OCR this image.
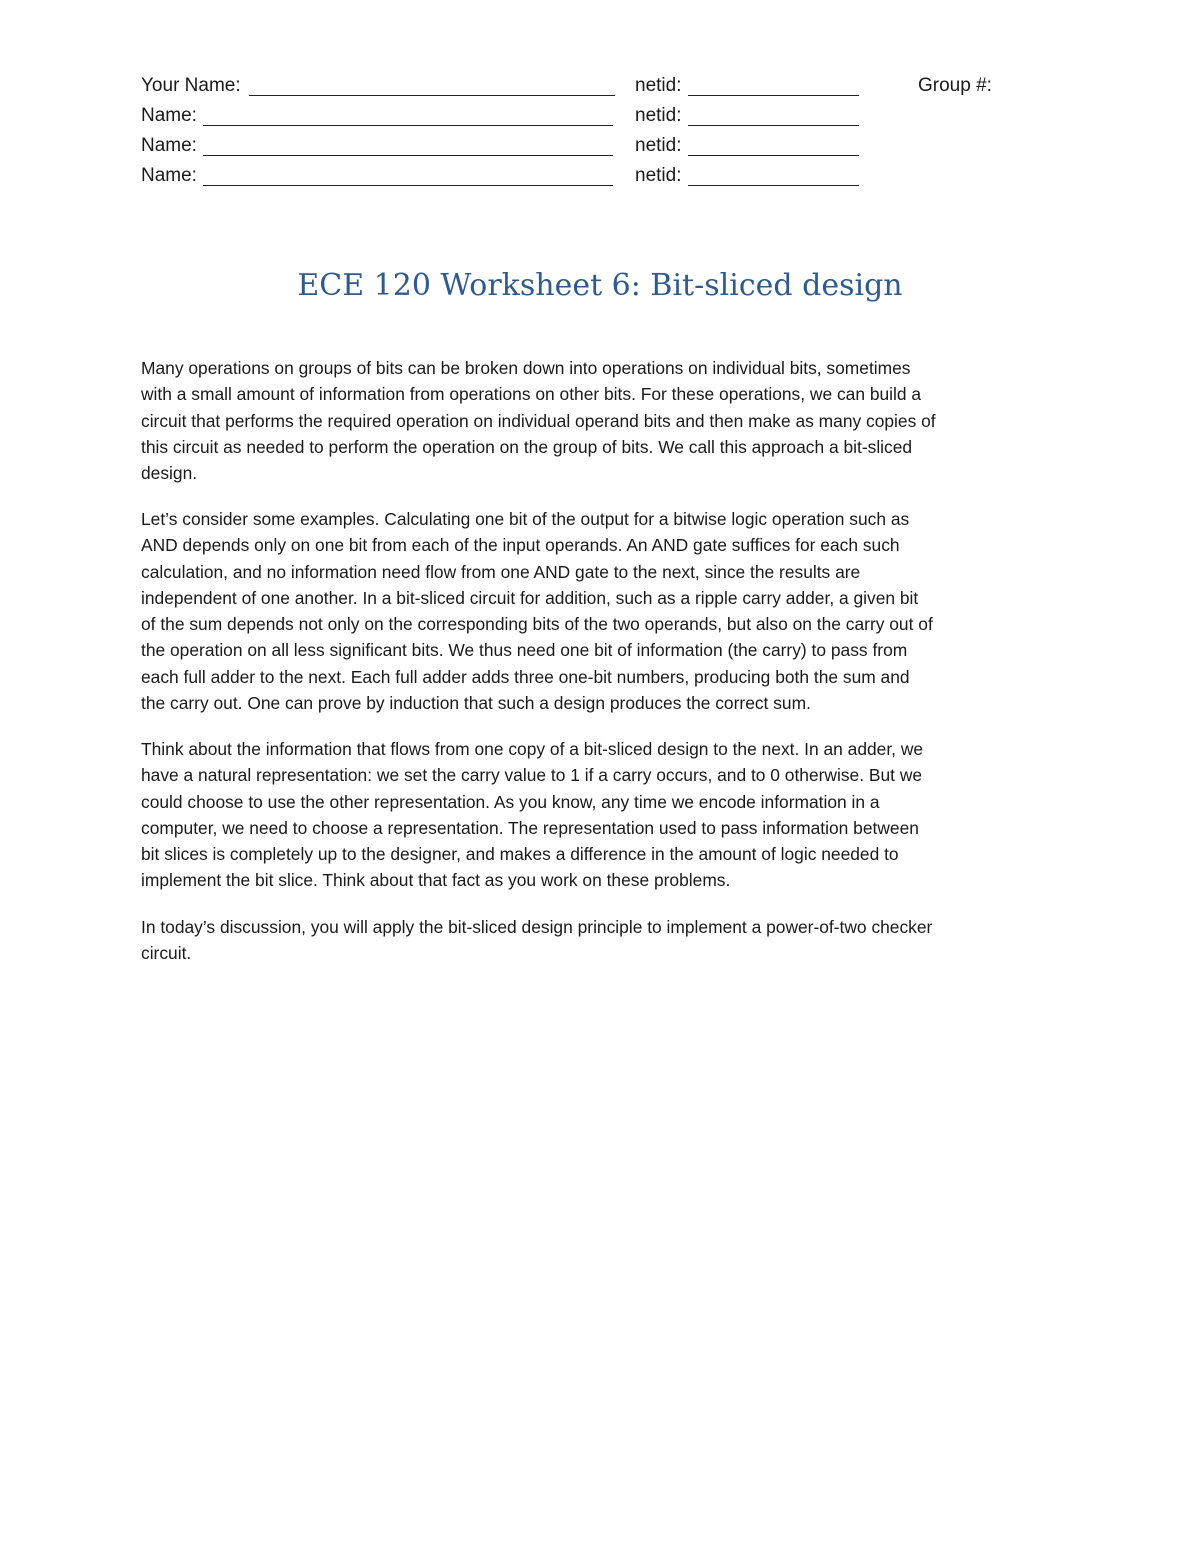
Your Name:	netid:	Group #:
Name:	netid:
Name:	netid:
Name:	netid:
ECE 120 Worksheet 6: Bit-sliced design

Many operations on groups of bits can be broken down into operations on individual bits, sometimes
with a small amount of information from operations on other bits. For these operations, we can build a
circuit that performs the required operation on individual operand bits and then make as many copies of
this circuit as needed to perform the operation on the group of bits. We call this approach a bit-sliced
design.

Let’s consider some examples. Calculating one bit of the output for a bitwise logic operation such as
AND depends only on one bit from each of the input operands. An AND gate suffices for each such
calculation, and no information need flow from one AND gate to the next, since the results are
independent of one another. In a bit-sliced circuit for addition, such as a ripple carry adder, a given bit
of the sum depends not only on the corresponding bits of the two operands, but also on the carry out of
the operation on all less significant bits. We thus need one bit of information (the carry) to pass from
each full adder to the next. Each full adder adds three one-bit numbers, producing both the sum and
the carry out. One can prove by induction that such a design produces the correct sum.

Think about the information that flows from one copy of a bit-sliced design to the next. In an adder, we
have a natural representation: we set the carry value to 1 if a carry occurs, and to 0 otherwise. But we
could choose to use the other representation. As you know, any time we encode information in a
computer, we need to choose a representation. The representation used to pass information between
bit slices is completely up to the designer, and makes a difference in the amount of logic needed to
implement the bit slice. Think about that fact as you work on these problems.

In today’s discussion, you will apply the bit-sliced design principle to implement a power-of-two checker
circuit.
